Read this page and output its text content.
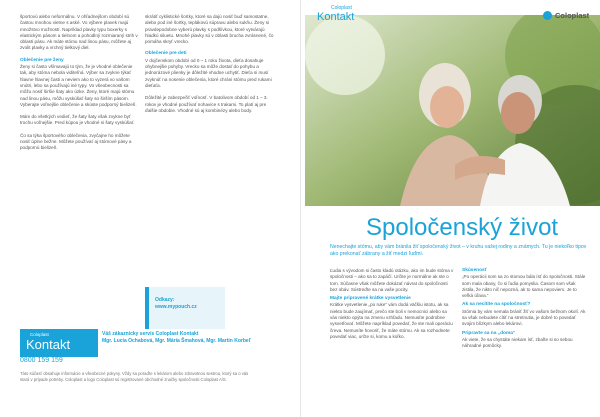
športovú alebo neformálnu. V ohľadnejšom období sú častou mnohou vietne s aské. Vo výbere plavek majú množstvo možností. Napríklad plavky typu boxerky s elastickým pásom a tielnom a pohodlný rozmiaraný strih v oblasti pásu. Ak máte stómu nad linou pásu, môžete aj zvolit plavky a vrchný tielkový diel.

Oblečenie pre ženy

Ženy si často všímavajú to tým, že je vhodné oblečenie tak, aby stóma nebola viditeľná. Výber sa zvykne týkať hlavne hlavnej časti a neviem ako to vyzerá vo vašom vnútri, lebo sa používajú iné typy. Vo všeobecnosti sa môžu nosiť širšie šaty ako úzke. Ženy, ktoré majú stómu nad linou pásu, môžu vyskúšať šaty so širším pásom. Vyberajte voľnejšie oblečenie a skúste podporný bielizeň.

Mám do všetkých vedieť, že šaty šaty však zvykne byť trochu voľnejšie. Pred kúpou je vhodné si šaty vyskúšať.

Čo sa týka športového oblečenia, zvyčajne ho môžete nosiť úplne bežne. Môžete používať aj stómové pásy a podpornú bielizeň.

skrátiť cyklistické šortky, ktoré sa dajú nosiť buď samostatne, alebo pod iné šortky, teplákovú súpravu alebo sukňu. Ženy si pravdepodobne vyberú plavky s podšívkou, ktoré vytvárajú hladkú siluetu. Mnohé plavky sú v oblasti brucha zvrásnené, čo pomáha skryť vrecko.

Oblečenie pre deti

V dojčenskom období od 0 – 1 roku života, dieťa dosahuje ohybnejšie pohyby. Vrecko sa môže dostať do pohybu a jednorázové plienky je dôležité vhodne uchytiť. Dieťa si musí zvyknúť na nosenie oblečenia, ktoré chráni stómu pred rukami dieťaťa.

Dôležité je zabezpečiť voľnosť. V batolivom období od 1 – 3. rokov je vhodné používať nohavice s trakami. To platí aj pre ďalšie obdobie. Vhodné sú aj kombinézy alebo body.

Odkazy:
www.mypouch.cz
Coloplast
Kontakt
0800 159 159
Váš zákaznícky servis Coloplast Kontakt
Mgr. Lucia Ochabová, Mgr. Mária Šmahová, Mgr. Martin Korbeľ
Táto súčasť obsahuje informácie a všeobecné pokyny. Vždy sa poraďte s lekárom alebo zdravotnou sestrou, ktorý sa o vás stará v prípade potreby. Coloplast a logo Coloplast sú registrované obchodné značky spoločnosti Coloplast A/S.
Coloplast
Kontakt	Coloplast
Spoločenský život
Nenechajte stómu, aby vám bránila žiť spoločenský život – v kruhu vašej rodiny a známych. Tu je niekoľko tipov ako prekonať zábrany a žiť medzi ľuďmi.

Ľudia s vývodom si často kladú otázku, ako im bude stóma v spoločnosti – ako sa to zapáčí. Určite je normálne ak ste o tom. Súčasne však môžete dokázať návrat do spoločnosti bez obáv. Sústreďte sa na vaše pocity.

Majte pripravené krátke vysvetlenie

Krátke vysvetlenie „po ruke“ vám dodá väčšiu istotu, ak sa niekto bude zaujímať, prečo ste boli v nemocnici alebo sa vás niekto opýta na zmenu vzhľadu. Nemusíte podrobne vysvetľovať. Môžete napríklad povedať, že ste mali operáciu čreva. Nemusíte hovoriť, že máte stómu. Ak sa rozhodnete povedať viac, určte si, komu a koľko.

Skúsenosť

„Po operácii som sa zo stomou bála ísť do spoločnosti. Stále som mala obavy, čo si ľudia pomyslia. Časom som však zistila, že nikto nič nepozná, ak to sama nepoviem. Je to veľká úľava.“

Ak sa necítite na spoločnosť?

Stómia by vám nemala brániť žiť vo vašom bežnom okolí. Ak sa však nebudete cítiť na stretnutia, je dobré to povedať svojim blízkym alebo lekárovi.

Pripravte sa na „doma“

Ak viete, že sa chystáte niekam ísť, zbaľte si so sebou náhradné pomôcky.
